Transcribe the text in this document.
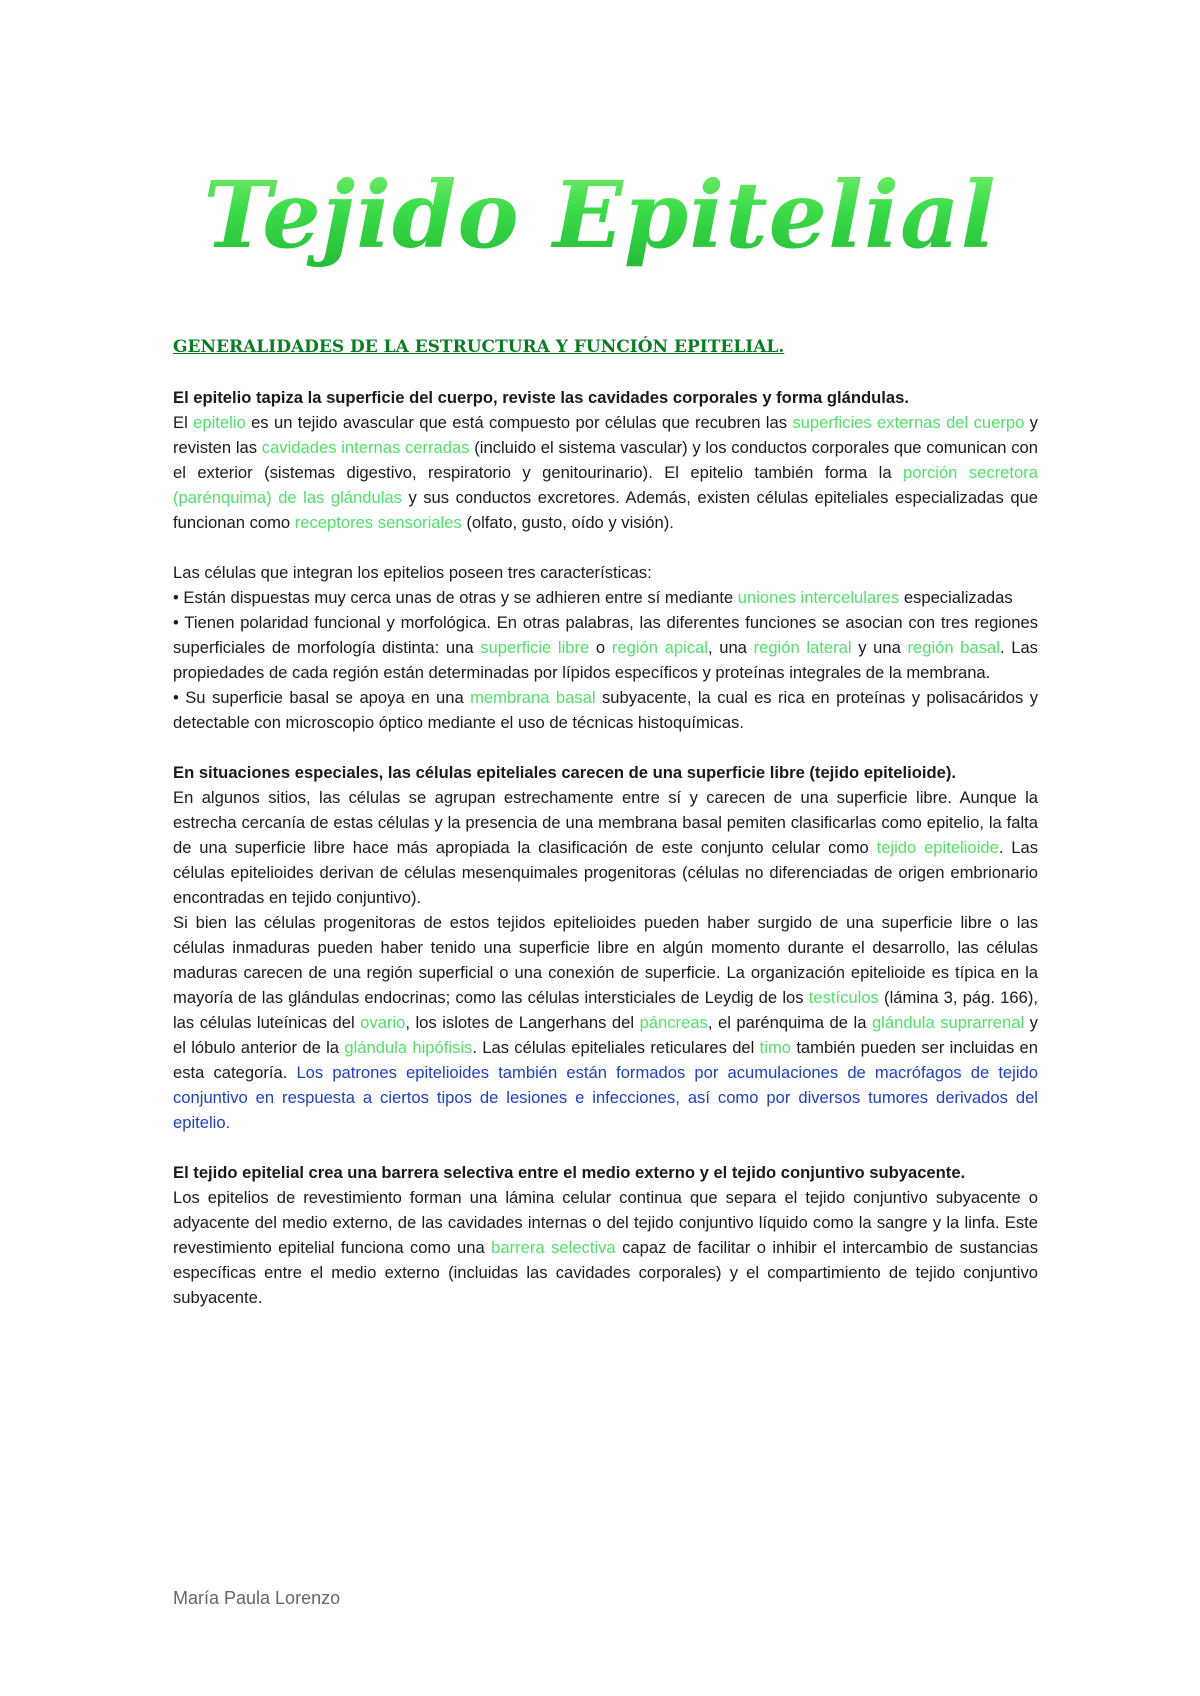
Tejido Epitelial
GENERALIDADES DE LA ESTRUCTURA Y FUNCIÓN EPITELIAL.

El epitelio tapiza la superficie del cuerpo, reviste las cavidades corporales y forma glándulas.

El epitelio es un tejido avascular que está compuesto por células que recubren las superficies externas del cuerpo y revisten las cavidades internas cerradas (incluido el sistema vascular) y los conductos corporales que comunican con el exterior (sistemas digestivo, respiratorio y genitourinario). El epitelio también forma la porción secretora (parénquima) de las glándulas y sus conductos excretores. Además, existen células epiteliales especializadas que funcionan como receptores sensoriales (olfato, gusto, oído y visión).

Las células que integran los epitelios poseen tres características:

• Están dispuestas muy cerca unas de otras y se adhieren entre sí mediante uniones intercelulares especializadas

• Tienen polaridad funcional y morfológica. En otras palabras, las diferentes funciones se asocian con tres regiones superficiales de morfología distinta: una superficie libre o región apical, una región lateral y una región basal. Las propiedades de cada región están determinadas por lípidos específicos y proteínas integrales de la membrana.

• Su superficie basal se apoya en una membrana basal subyacente, la cual es rica en proteínas y polisacáridos y detectable con microscopio óptico mediante el uso de técnicas histoquímicas.

En situaciones especiales, las células epiteliales carecen de una superficie libre (tejido epitelioide).

En algunos sitios, las células se agrupan estrechamente entre sí y carecen de una superficie libre. Aunque la estrecha cercanía de estas células y la presencia de una membrana basal pemiten clasificarlas como epitelio, la falta de una superficie libre hace más apropiada la clasificación de este conjunto celular como tejido epitelioide. Las células epitelioides derivan de células mesenquimales progenitoras (células no diferenciadas de origen embrionario encontradas en tejido conjuntivo).

Si bien las células progenitoras de estos tejidos epitelioides pueden haber surgido de una superficie libre o las células inmaduras pueden haber tenido una superficie libre en algún momento durante el desarrollo, las células maduras carecen de una región superficial o una conexión de superficie. La organización epitelioide es típica en la mayoría de las glándulas endocrinas; como las células intersticiales de Leydig de los testículos (lámina 3, pág. 166), las células luteínicas del ovario, los islotes de Langerhans del páncreas, el parénquima de la glándula suprarrenal y el lóbulo anterior de la glándula hipófisis. Las células epiteliales reticulares del timo también pueden ser incluidas en esta categoría. Los patrones epitelioides también están formados por acumulaciones de macrófagos de tejido conjuntivo en respuesta a ciertos tipos de lesiones e infecciones, así como por diversos tumores derivados del epitelio.

El tejido epitelial crea una barrera selectiva entre el medio externo y el tejido conjuntivo subyacente.

Los epitelios de revestimiento forman una lámina celular continua que separa el tejido conjuntivo subyacente o adyacente del medio externo, de las cavidades internas o del tejido conjuntivo líquido como la sangre y la linfa. Este revestimiento epitelial funciona como una barrera selectiva capaz de facilitar o inhibir el intercambio de sustancias específicas entre el medio externo (incluidas las cavidades corporales) y el compartimiento de tejido conjuntivo subyacente.

María Paula Lorenzo
